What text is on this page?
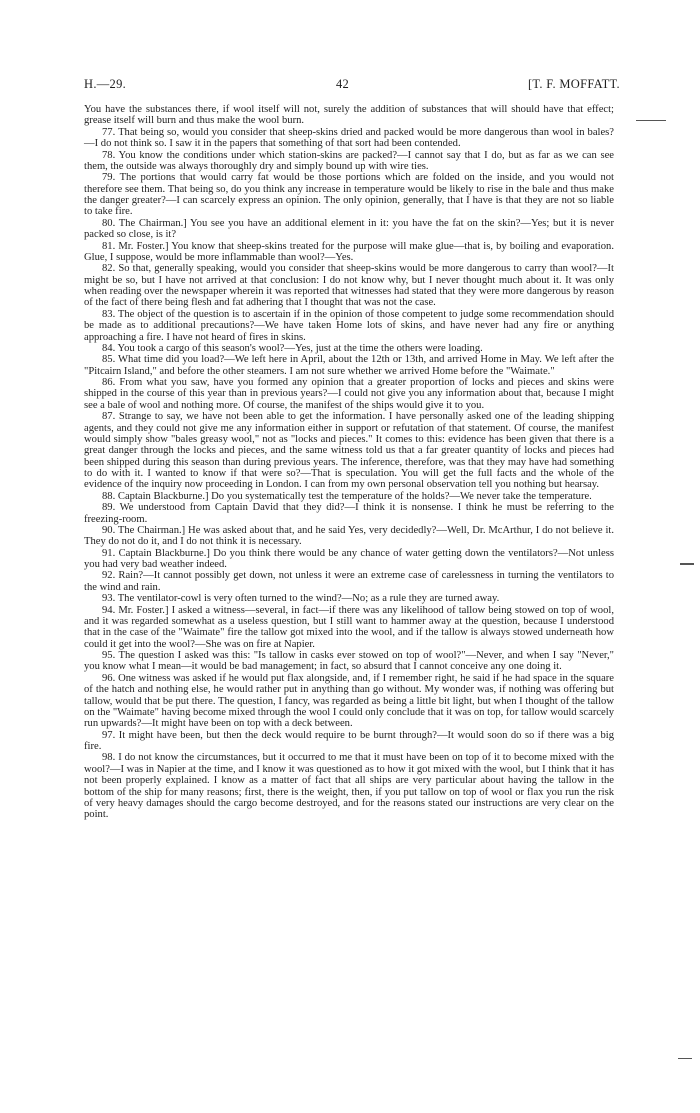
H.—29.	42	[T. F. MOFFATT.

You have the substances there, if wool itself will not, surely the addition of substances that will should have that effect; grease itself will burn and thus make the wool burn.

77. That being so, would you consider that sheep-skins dried and packed would be more dangerous than wool in bales?—I do not think so. I saw it in the papers that something of that sort had been contended.

78. You know the conditions under which station-skins are packed?—I cannot say that I do, but as far as we can see them, the outside was always thoroughly dry and simply bound up with wire ties.

79. The portions that would carry fat would be those portions which are folded on the inside, and you would not therefore see them. That being so, do you think any increase in temperature would be likely to rise in the bale and thus make the danger greater?—I can scarcely express an opinion. The only opinion, generally, that I have is that they are not so liable to take fire.

80. The Chairman.] You see you have an additional element in it: you have the fat on the skin?—Yes; but it is never packed so close, is it?

81. Mr. Foster.] You know that sheep-skins treated for the purpose will make glue—that is, by boiling and evaporation. Glue, I suppose, would be more inflammable than wool?—Yes.

82. So that, generally speaking, would you consider that sheep-skins would be more dangerous to carry than wool?—It might be so, but I have not arrived at that conclusion: I do not know why, but I never thought much about it. It was only when reading over the newspaper wherein it was reported that witnesses had stated that they were more dangerous by reason of the fact of there being flesh and fat adhering that I thought that was not the case.

83. The object of the question is to ascertain if in the opinion of those competent to judge some recommendation should be made as to additional precautions?—We have taken Home lots of skins, and have never had any fire or anything approaching a fire. I have not heard of fires in skins.

84. You took a cargo of this season's wool?—Yes, just at the time the others were loading.

85. What time did you load?—We left here in April, about the 12th or 13th, and arrived Home in May. We left after the "Pitcairn Island," and before the other steamers. I am not sure whether we arrived Home before the "Waimate."

86. From what you saw, have you formed any opinion that a greater proportion of locks and pieces and skins were shipped in the course of this year than in previous years?—I could not give you any information about that, because I might see a bale of wool and nothing more. Of course, the manifest of the ships would give it to you.

87. Strange to say, we have not been able to get the information. I have personally asked one of the leading shipping agents, and they could not give me any information either in support or refutation of that statement. Of course, the manifest would simply show "bales greasy wool," not as "locks and pieces." It comes to this: evidence has been given that there is a great danger through the locks and pieces, and the same witness told us that a far greater quantity of locks and pieces had been shipped during this season than during previous years. The inference, therefore, was that they may have had something to do with it. I wanted to know if that were so?—That is speculation. You will get the full facts and the whole of the evidence of the inquiry now proceeding in London. I can from my own personal observation tell you nothing but hearsay.

88. Captain Blackburne.] Do you systematically test the temperature of the holds?—We never take the temperature.

89. We understood from Captain David that they did?—I think it is nonsense. I think he must be referring to the freezing-room.

90. The Chairman.] He was asked about that, and he said Yes, very decidedly?—Well, Dr. McArthur, I do not believe it. They do not do it, and I do not think it is necessary.

91. Captain Blackburne.] Do you think there would be any chance of water getting down the ventilators?—Not unless you had very bad weather indeed.

92. Rain?—It cannot possibly get down, not unless it were an extreme case of carelessness in turning the ventilators to the wind and rain.

93. The ventilator-cowl is very often turned to the wind?—No; as a rule they are turned away.

94. Mr. Foster.] I asked a witness—several, in fact—if there was any likelihood of tallow being stowed on top of wool, and it was regarded somewhat as a useless question, but I still want to hammer away at the question, because I understood that in the case of the "Waimate" fire the tallow got mixed into the wool, and if the tallow is always stowed underneath how could it get into the wool?—She was on fire at Napier.

95. The question I asked was this: "Is tallow in casks ever stowed on top of wool?"—Never, and when I say "Never," you know what I mean—it would be bad management; in fact, so absurd that I cannot conceive any one doing it.

96. One witness was asked if he would put flax alongside, and, if I remember right, he said if he had space in the square of the hatch and nothing else, he would rather put in anything than go without. My wonder was, if nothing was offering but tallow, would that be put there. The question, I fancy, was regarded as being a little bit light, but when I thought of the tallow on the "Waimate" having become mixed through the wool I could only conclude that it was on top, for tallow would scarcely run upwards?—It might have been on top with a deck between.

97. It might have been, but then the deck would require to be burnt through?—It would soon do so if there was a big fire.

98. I do not know the circumstances, but it occurred to me that it must have been on top of it to become mixed with the wool?—I was in Napier at the time, and I know it was questioned as to how it got mixed with the wool, but I think that it has not been properly explained. I know as a matter of fact that all ships are very particular about having the tallow in the bottom of the ship for many reasons; first, there is the weight, then, if you put tallow on top of wool or flax you run the risk of very heavy damages should the cargo become destroyed, and for the reasons stated our instructions are very clear on the point.
